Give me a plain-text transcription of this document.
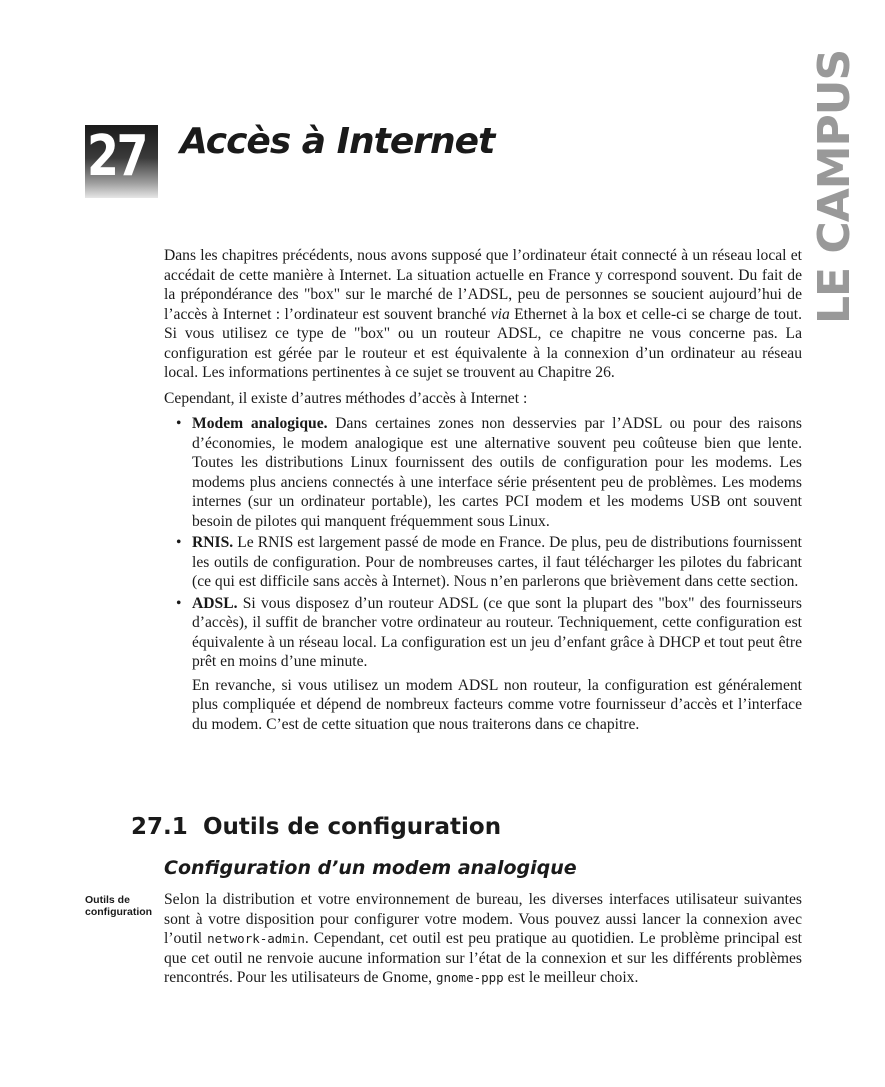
27 Accès à Internet	LE CAMPUS

Dans les chapitres précédents, nous avons supposé que l’ordinateur était connecté à un réseau local et accédait de cette manière à Internet. La situation actuelle en France y correspond souvent. Du fait de la prépondérance des "box" sur le marché de l’ADSL, peu de personnes se soucient aujourd’hui de l’accès à Internet : l’ordinateur est souvent branché via Ethernet à la box et celle-ci se charge de tout. Si vous utilisez ce type de "box" ou un routeur ADSL, ce chapitre ne vous concerne pas. La configuration est gérée par le routeur et est équivalente à la connexion d’un ordinateur au réseau local. Les informations pertinentes à ce sujet se trouvent au Chapitre 26.

Cependant, il existe d’autres méthodes d’accès à Internet :

• Modem analogique. Dans certaines zones non desservies par l’ADSL ou pour des raisons d’économies, le modem analogique est une alternative souvent peu coûteuse bien que lente. Toutes les distributions Linux fournissent des outils de configuration pour les modems. Les modems plus anciens connectés à une interface série présentent peu de problèmes. Les modems internes (sur un ordinateur portable), les cartes PCI modem et les modems USB ont souvent besoin de pilotes qui manquent fréquemment sous Linux.
• RNIS. Le RNIS est largement passé de mode en France. De plus, peu de distributions fournissent les outils de configuration. Pour de nombreuses cartes, il faut télécharger les pilotes du fabricant (ce qui est difficile sans accès à Internet). Nous n’en parlerons que brièvement dans cette section.
• ADSL. Si vous disposez d’un routeur ADSL (ce que sont la plupart des "box" des fournisseurs d’accès), il suffit de brancher votre ordinateur au routeur. Techniquement, cette configuration est équivalente à un réseau local. La configuration est un jeu d’enfant grâce à DHCP et tout peut être prêt en moins d’une minute.
En revanche, si vous utilisez un modem ADSL non routeur, la configuration est généralement plus compliquée et dépend de nombreux facteurs comme votre fournisseur d’accès et l’interface du modem. C’est de cette situation que nous traiterons dans ce chapitre.
27.1 Outils de configuration
Configuration d’un modem analogique
Outils de configuration

Selon la distribution et votre environnement de bureau, les diverses interfaces utilisateur suivantes sont à votre disposition pour configurer votre modem. Vous pouvez aussi lancer la connexion avec l’outil network-admin. Cependant, cet outil est peu pratique au quotidien. Le problème principal est que cet outil ne renvoie aucune information sur l’état de la connexion et sur les différents problèmes rencontrés. Pour les utilisateurs de Gnome, gnome-ppp est le meilleur choix.
